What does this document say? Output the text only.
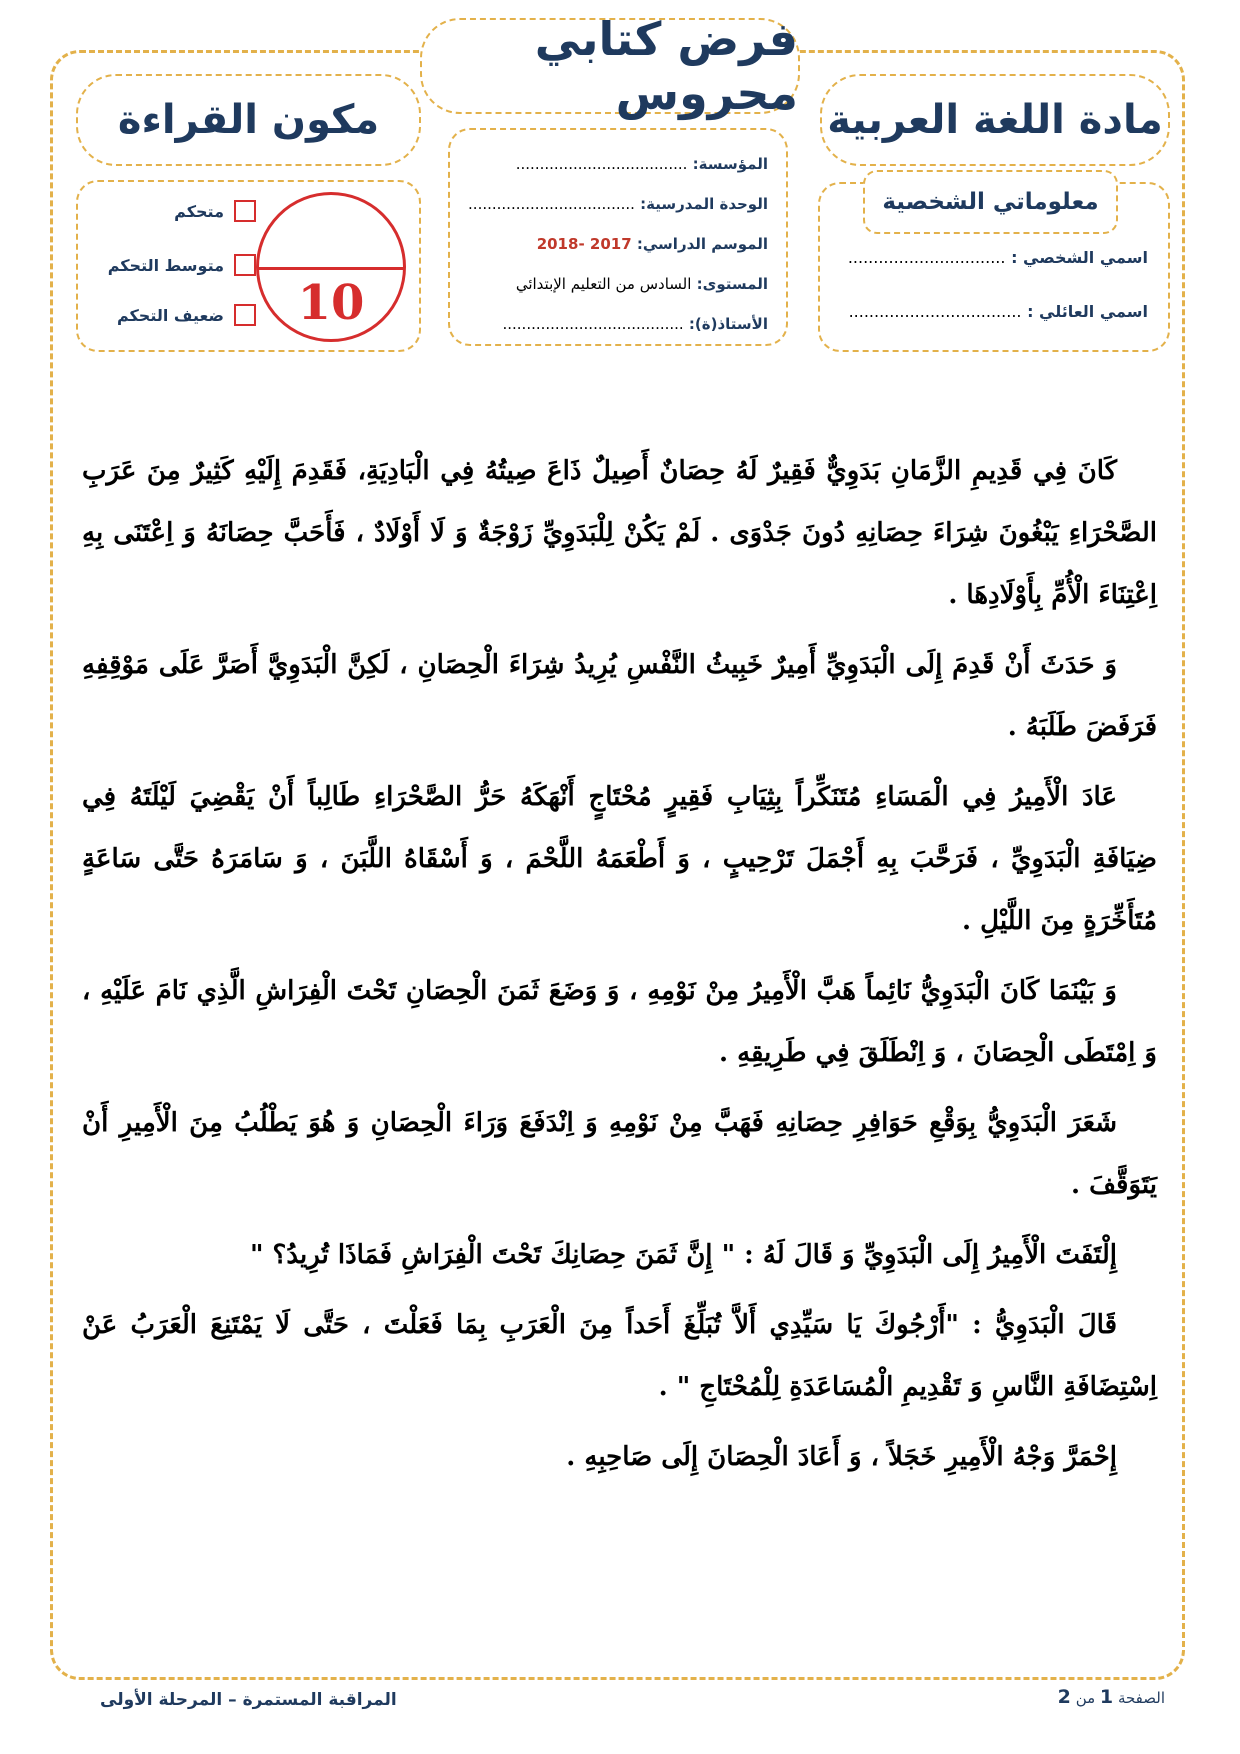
فرض كتابي محروس مادة اللغة العربية
مكون القراءة
المؤسسة: ....................................
الوحدة المدرسية: ...................................
الموسم الدراسي: 2017 -2018
المستوى: السادس من التعليم الإبتدائي
الأستاذ(ة): ......................................
معلوماتي الشخصية
اسمي الشخصي : ...............................
اسمي العائلي : ..................................
10
متحكم
متوسط التحكم
ضعيف التحكم

كَانَ فِي قَدِيمِ الزَّمَانِ بَدَوِيٌّ فَقِيرٌ لَهُ حِصَانٌ أَصِيلٌ ذَاعَ صِيتُهُ فِي الْبَادِيَةِ، فَقَدِمَ إِلَيْهِ كَثِيرٌ مِنَ عَرَبِ الصَّحْرَاءِ يَبْغُونَ شِرَاءَ حِصَانِهِ دُونَ جَدْوَى . لَمْ يَكُنْ لِلْبَدَوِيِّ زَوْجَةٌ وَ لَا أَوْلَادٌ ، فَأَحَبَّ حِصَانَهُ وَ اِعْتَنَى بِهِ اِعْتِنَاءَ الْأُمِّ بِأَوْلَادِهَا .

وَ حَدَثَ أَنْ قَدِمَ إِلَى الْبَدَوِيِّ أَمِيرٌ خَبِيثُ النَّفْسِ يُرِيدُ شِرَاءَ الْحِصَانِ ، لَكِنَّ الْبَدَوِيَّ أَصَرَّ عَلَى مَوْقِفِهِ فَرَفَضَ طَلَبَهُ .

عَادَ الْأَمِيرُ فِي الْمَسَاءِ مُتَنَكِّراً بِثِيَابِ فَقِيرٍ مُحْتَاجٍ أَنْهَكَهُ حَرُّ الصَّحْرَاءِ طَالِباً أَنْ يَقْضِيَ لَيْلَتَهُ فِي ضِيَافَةِ الْبَدَوِيِّ ، فَرَحَّبَ بِهِ أَجْمَلَ تَرْحِيبٍ ، وَ أَطْعَمَهُ اللَّحْمَ ، وَ أَسْقَاهُ اللَّبَنَ ، وَ سَامَرَهُ حَتَّى سَاعَةٍ مُتَأَخِّرَةٍ مِنَ اللَّيْلِ .

وَ بَيْنَمَا كَانَ الْبَدَوِيُّ نَائِماً هَبَّ الْأَمِيرُ مِنْ نَوْمِهِ ، وَ وَضَعَ ثَمَنَ الْحِصَانِ تَحْتَ الْفِرَاشِ الَّذِي نَامَ عَلَيْهِ ، وَ اِمْتَطَى الْحِصَانَ ، وَ اِنْطَلَقَ فِي طَرِيقِهِ .

شَعَرَ الْبَدَوِيُّ بِوَقْعِ حَوَافِرِ حِصَانِهِ فَهَبَّ مِنْ نَوْمِهِ وَ اِنْدَفَعَ وَرَاءَ الْحِصَانِ وَ هُوَ يَطْلُبُ مِنَ الْأَمِيرِ أَنْ يَتَوَقَّفَ .

إِلْتَفَتَ الْأَمِيرُ إِلَى الْبَدَوِيِّ وَ قَالَ لَهُ : " إِنَّ ثَمَنَ حِصَانِكَ تَحْتَ الْفِرَاشِ فَمَاذَا تُرِيدُ؟ "

قَالَ الْبَدَوِيُّ : "أَرْجُوكَ يَا سَيِّدِي أَلاَّ تُبَلِّغَ أَحَداً مِنَ الْعَرَبِ بِمَا فَعَلْتَ ، حَتَّى لَا يَمْتَنِعَ الْعَرَبُ عَنْ اِسْتِضَافَةِ النَّاسِ وَ تَقْدِيمِ الْمُسَاعَدَةِ لِلْمُحْتَاجِ " .

إِحْمَرَّ وَجْهُ الْأَمِيرِ خَجَلاً ، وَ أَعَادَ الْحِصَانَ إِلَى صَاحِبِهِ .

المراقبة المستمرة – المرحلة الأولى	الصفحة 1 من 2
